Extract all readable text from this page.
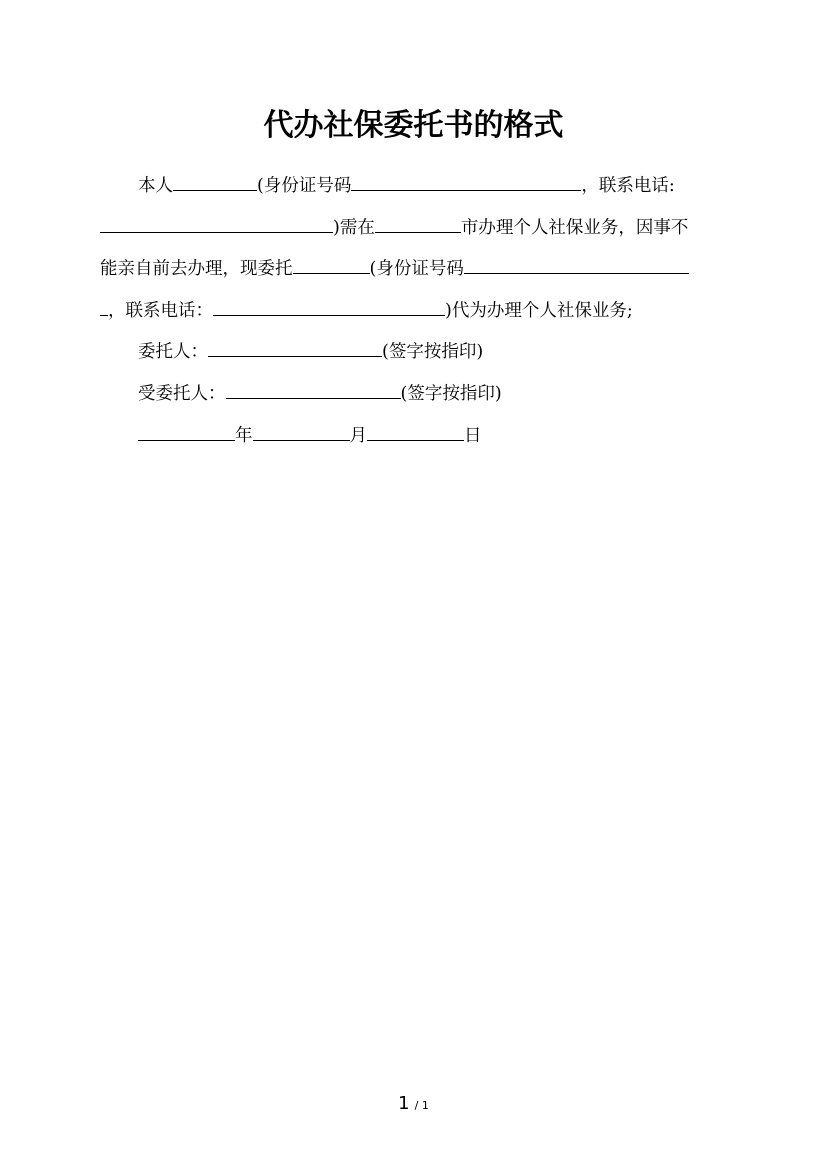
代办社保委托书的格式
本人	(身份证号码	，联系电话:
)需在	市办理个人社保业务，因事不
能亲自前去办理，现委托	(身份证号码
，联系电话：	)代为办理个人社保业务;
委托人：	(签字按指印)
受委托人：	(签字按指印)
年	月	日
1 / 1
